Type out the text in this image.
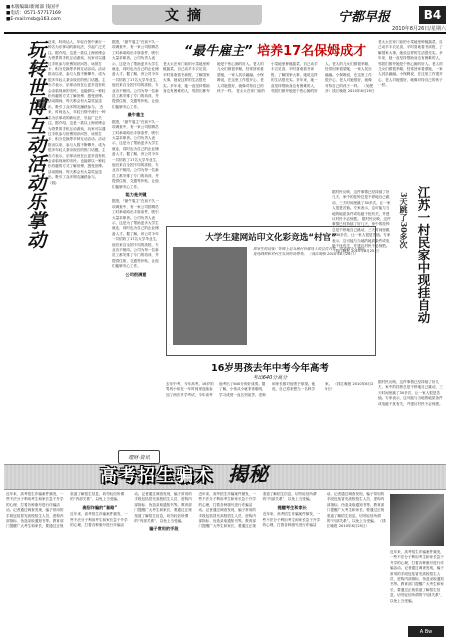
■本版编辑/新闻部 钱国平
■电话：0571-57717169
■E-mail:msb@163.com	文摘	宁都早报	B4
2010年8月26日/星期六
玩转世博互动活动乐掌动 近来，时尚达人、年轻白领中流行一种名为乐掌动的新玩法，引起广泛关注。据介绍，这是一款以上海世博会为背景的手机互动游戏，玩家可以通过手机参与世博知识问答、场馆打卡、积分兑换等多种互动活动。活动推出以来，参与人数不断攀升，成为很多年轻人茶余饭后的热门话题。主办方表示，乐掌动旨在让更多没有机会亲临现场的市民，也能够以一种轻松有趣的方式了解世博、感受世博。活动期间，每天都会有大量奖品送出，吸引了众多网友踊跃参与。 近来，时尚达人、年轻白领中流行一种名为乐掌动的新玩法，引起广泛关注。据介绍，这是一款以上海世博会为背景的手机互动游戏，玩家可以通过手机参与世博知识问答、场馆打卡、积分兑换等多种互动活动。活动推出以来，参与人数不断攀升，成为很多年轻人茶余饭后的热门话题。主办方表示，乐掌动旨在让更多没有机会亲临现场的市民，也能够以一种轻松有趣的方式了解世博、感受世博。活动期间，每天都会有大量奖品送出，吸引了众多网友踊跃参与。 （钱)
据悉，“最牛雇主”在前不久一项调查中，有一家公司招聘员工时承诺给出丰厚条件，吸引大量求职者。公司负责人表示，这是为了帮助更多大学生就业，同时也为自己的企业储备人才。据了解，该公司今年一共招收了17名大学毕业生，他们来自全国不同的高校，专业各不相同。公司为每一位新员工都安排了专门的培训，并提供住宿、交通等补贴，让他们能够安心工作。
最牛雇主
据悉，“最牛雇主”在前不久一项调查中，有一家公司招聘员工时承诺给出丰厚条件，吸引大量求职者。公司负责人表示，这是为了帮助更多大学生就业，同时也为自己的企业储备人才。据了解，该公司今年一共招收了17名大学毕业生，他们来自全国不同的高校，专业各不相同。公司为每一位新员工都安排了专门的培训，并提供住宿、交通等补贴，让他们能够安心工作。
能力是关键
据悉，“最牛雇主”在前不久一项调查中，有一家公司招聘员工时承诺给出丰厚条件，吸引大量求职者。公司负责人表示，这是为了帮助更多大学生就业，同时也为自己的企业储备人才。据了解，该公司今年一共招收了17名大学毕业生，他们来自全国不同的高校，专业各不相同。公司为每一位新员工都安排了专门的培训，并提供住宿、交通等补贴，让他们能够安心工作。
公司很满意
“最牛雇主” 培养17名保姆成才
老太太在家门前的小菜地里种植蔬菜，自己动手丰衣足食，平时喜欢看书读报，了解国家大事，她说这样的生活很充实。多年来，她一直坚持帮助身边有困难的人，邻居们都夸她是个热心肠的好人。老人的儿女们都很孝顺，经常回家看望她，一家人其乐融融。小保姆说，在这里工作很开心，老人对她很好，就像对待自己的孩子一样。 老太太在家门前的小菜地里种植蔬菜，自己动手丰衣足食，平时喜欢看书读报，了解国家大事，她说这样的生活很充实。多年来，她一直坚持帮助身边有困难的人，邻居们都夸她是个热心肠的好人。老人的儿女们都很孝顺，经常回家看望她，一家人其乐融融。小保姆说，在这里工作很开心，老人对她很好，就像对待自己的孩子一样。 （吴俊彦）钱江晚报 2010年8月25日
大学生建网站印文化彩竞选“村官”
周家生的这张广告牌上是当地村官候选人的宣传内容，内容有个人简历、竞选纲领和对村庄发展的设想等。 （钱江晚报 2010年8月26日）
16岁男孩去年中考今年高考
考出640分高分
去年中考，今年高考。16岁的男孩小伟在一年时间里连续参加了两次升学考试，今年高考他考出了640分的好成绩。据了解，小伟从小就非常聪明，学习成绩一直名列前茅，老师和家长都对他寄予厚望。他说，自己将来想当一名科学家。 （钱江晚报 2010年8月25日）
老太太在家门前的小菜地里种植蔬菜，自己动手丰衣足食，平时喜欢看书读报，了解国家大事，她说这样的生活很充实。多年来，她一直坚持帮助身边有困难的人，邻居们都夸她是个热心肠的好人。老人的儿女们都很孝顺，经常回家看望她，一家人其乐融融。小保姆说，在这里工作很开心，老人对她很好，就像对待自己的孩子一样。
江苏一村民家中现挂自动
3天跳了30多次
据村民反映，这件事情已经持续了好几天，家中的挂钟总是不停地自己跳动，三天时间里跳了30多次，让一家人很是苦恼。专家表示，这可能与当地的地质条件或电磁干扰有关，并建议村民不必惊慌。 据村民反映，这件事情已经持续了好几天，家中的挂钟总是不停地自己跳动，三天时间里跳了30多次，让一家人很是苦恼。专家表示，这可能与当地的地质条件或电磁干扰有关，并建议村民不必惊慌。 （钱江晚报 2010年8月25日）
据村民反映，这件事情已经持续了好几天，家中的挂钟总是不停地自己跳动，三天时间里跳了30多次，让一家人很是苦恼。专家表示，这可能与当地的地质条件或电磁干扰有关，并建议村民不必惊慌。
理财·资讯
高考招生骗术 揭秘
近年来，高考招生诈骗案件频发，一些不法分子利用考生和家长急于升学的心理，打着各种旗号进行诈骗活动。记者通过调查发现，骗子常用的手段包括冒充高校招生人员、虚构内部指标、伪造录取通知书等。教育部门提醒广大考生和家长，要通过正规渠道了解招生信息，切勿轻信所谓的“内部关系”，以免上当受骗。
高招诈骗的“套路”
近年来，高考招生诈骗案件频发，一些不法分子利用考生和家长急于升学的心理，打着各种旗号进行诈骗活动。记者通过调查发现，骗子常用的手段包括冒充高校招生人员、虚构内部指标、伪造录取通知书等。教育部门提醒广大考生和家长，要通过正规渠道了解招生信息，切勿轻信所谓的“内部关系”，以免上当受骗。
骗子常用的手段
近年来，高考招生诈骗案件频发，一些不法分子利用考生和家长急于升学的心理，打着各种旗号进行诈骗活动。记者通过调查发现，骗子常用的手段包括冒充高校招生人员、虚构内部指标、伪造录取通知书等。教育部门提醒广大考生和家长，要通过正规渠道了解招生信息，切勿轻信所谓的“内部关系”，以免上当受骗。
提醒考生和家长
近年来，高考招生诈骗案件频发，一些不法分子利用考生和家长急于升学的心理，打着各种旗号进行诈骗活动。记者通过调查发现，骗子常用的手段包括冒充高校招生人员、虚构内部指标、伪造录取通知书等。教育部门提醒广大考生和家长，要通过正规渠道了解招生信息，切勿轻信所谓的“内部关系”，以免上当受骗。 （钱江晚报 2010年8月25日）
近年来，高考招生诈骗案件频发，一些不法分子利用考生和家长急于升学的心理，打着各种旗号进行诈骗活动。记者通过调查发现，骗子常用的手段包括冒充高校招生人员、虚构内部指标、伪造录取通知书等。教育部门提醒广大考生和家长，要通过正规渠道了解招生信息，切勿轻信所谓的“内部关系”，以免上当受骗。
A Bw
